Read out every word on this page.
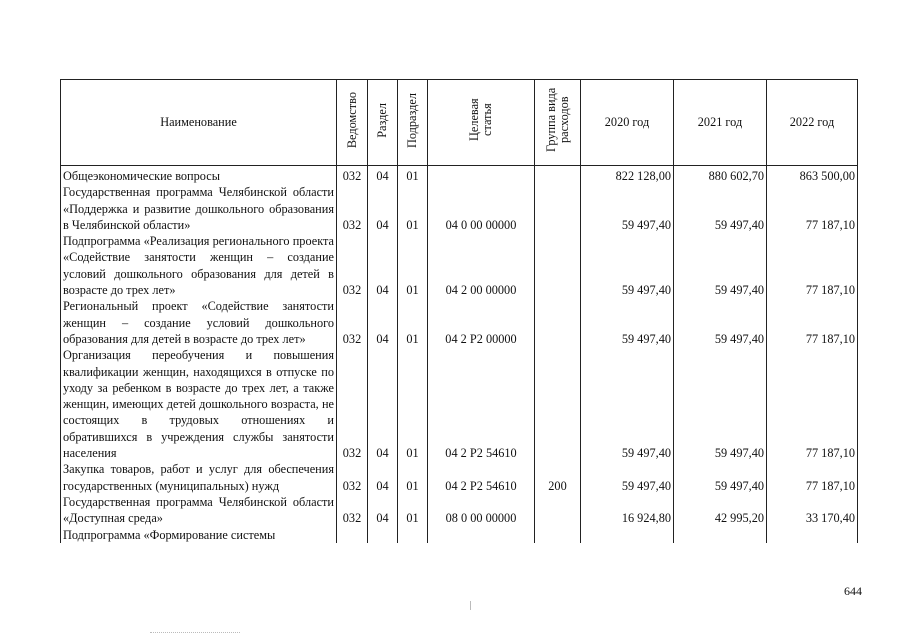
Наименование	Ведомство	Раздел	Подраздел	Целевая статья	Группа вида расходов	2020 год	2021 год	2022 год
Общеэкономические вопросы	032	04	01			822 128,00	880 602,70	863 500,00
Государственная программа Челябинской области «Поддержка и развитие дошкольного образования в Челябинской области»	032	04	01	04 0 00 00000		59 497,40	59 497,40	77 187,10
Подпрограмма «Реализация регионального проекта «Содействие занятости женщин – создание условий дошкольного образования для детей в возрасте до трех лет»	032	04	01	04 2 00 00000		59 497,40	59 497,40	77 187,10
Региональный проект «Содействие занятости женщин – создание условий дошкольного образования для детей в возрасте до трех лет»	032	04	01	04 2 P2 00000		59 497,40	59 497,40	77 187,10
Организация переобучения и повышения квалификации женщин, находящихся в отпуске по уходу за ребенком в возрасте до трех лет, а также женщин, имеющих детей дошкольного возраста, не состоящих в трудовых отношениях и обратившихся в учреждения службы занятости населения	032	04	01	04 2 P2 54610		59 497,40	59 497,40	77 187,10
Закупка товаров, работ и услуг для обеспечения государственных (муниципальных) нужд	032	04	01	04 2 P2 54610	200	59 497,40	59 497,40	77 187,10
Государственная программа Челябинской области «Доступная среда»	032	04	01	08 0 00 00000		16 924,80	42 995,20	33 170,40
Подпрограмма «Формирование системы								
644
